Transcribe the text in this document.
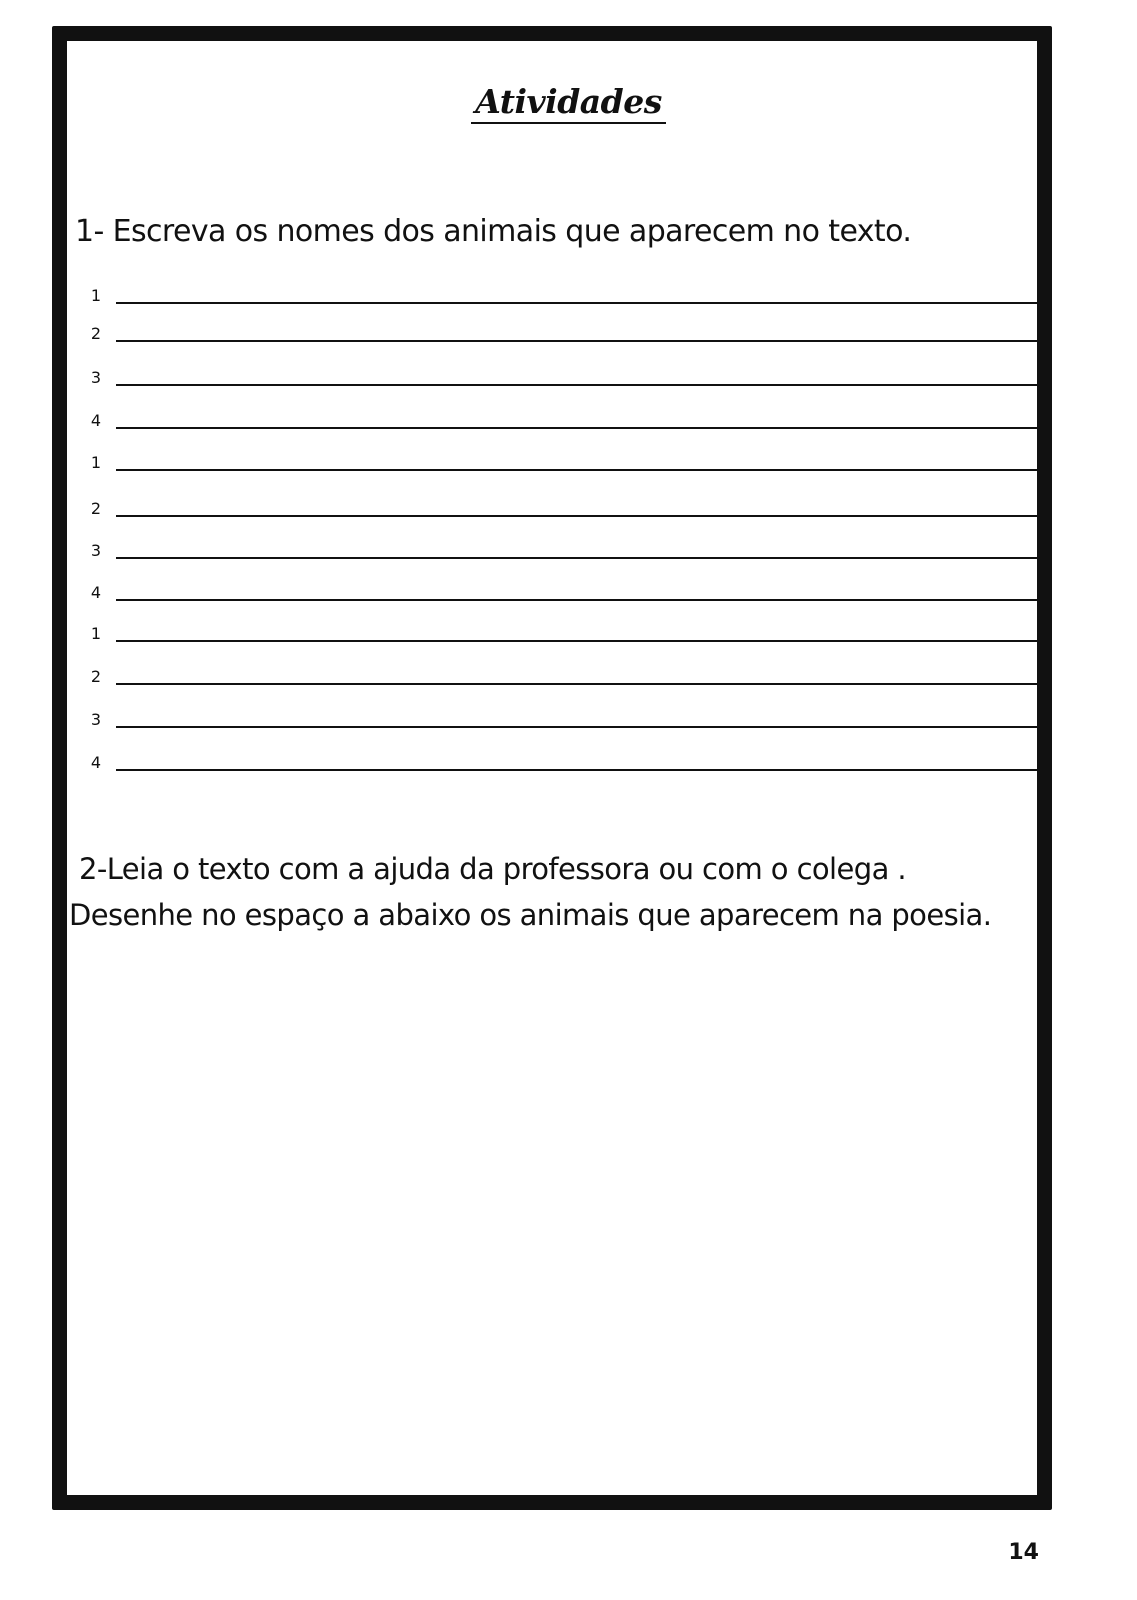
Atividades
1- Escreva os nomes dos animais que aparecem no texto.
1
2
3
4
1
2
3
4
1
2
3
4
2-Leia o texto com a ajuda da professora ou com o colega .
Desenhe no espaço a abaixo os animais que aparecem na poesia.
14
